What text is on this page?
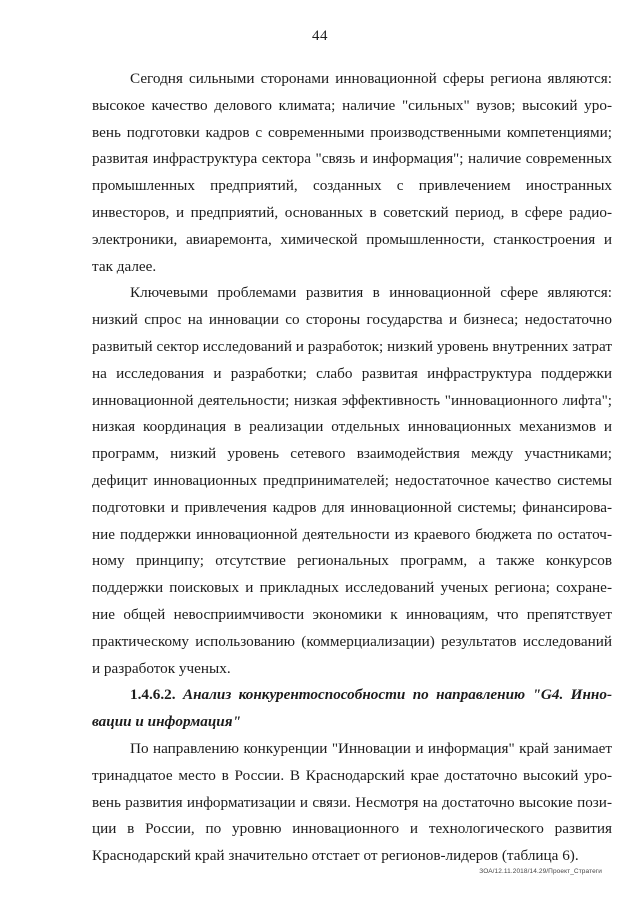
44

Сегодня сильными сторонами инновационной сферы региона являются: высокое качество делового климата; наличие "сильных" вузов; высокий уровень подготовки кадров с современными производственными компетенциями; развитая инфраструктура сектора "связь и информация"; наличие современных промышленных предприятий, созданных с привлечением иностранных инвесторов, и предприятий, основанных в советский период, в сфере радиоэлектроники, авиаремонта, химической промышленности, станкостроения и так далее.

Ключевыми проблемами развития в инновационной сфере являются: низкий спрос на инновации со стороны государства и бизнеса; недостаточно развитый сектор исследований и разработок; низкий уровень внутренних затрат на исследования и разработки; слабо развитая инфраструктура поддержки инновационной деятельности; низкая эффективность "инновационного лифта"; низкая координация в реализации отдельных инновационных механизмов и программ, низкий уровень сетевого взаимодействия между участниками; дефицит инновационных предпринимателей; недостаточное качество системы подготовки и привлечения кадров для инновационной системы; финансирование поддержки инновационной деятельности из краевого бюджета по остаточному принципу; отсутствие региональных программ, а также конкурсов поддержки поисковых и прикладных исследований ученых региона; сохранение общей невосприимчивости экономики к инновациям, что препятствует практическому использованию (коммерциализации) результатов исследований и разработок ученых.

1.4.6.2. Анализ конкурентоспособности по направлению "G4. Инновации и информация"

По направлению конкуренции "Инновации и информация" край занимает тринадцатое место в России. В Краснодарский крае достаточно высокий уровень развития информатизации и связи. Несмотря на достаточно высокие позиции в России, по уровню инновационного и технологического развития Краснодарский край значительно отстает от регионов-лидеров (таблица 6).

ЗОА/12.11.2018/14.29/Проект_Стратеги
